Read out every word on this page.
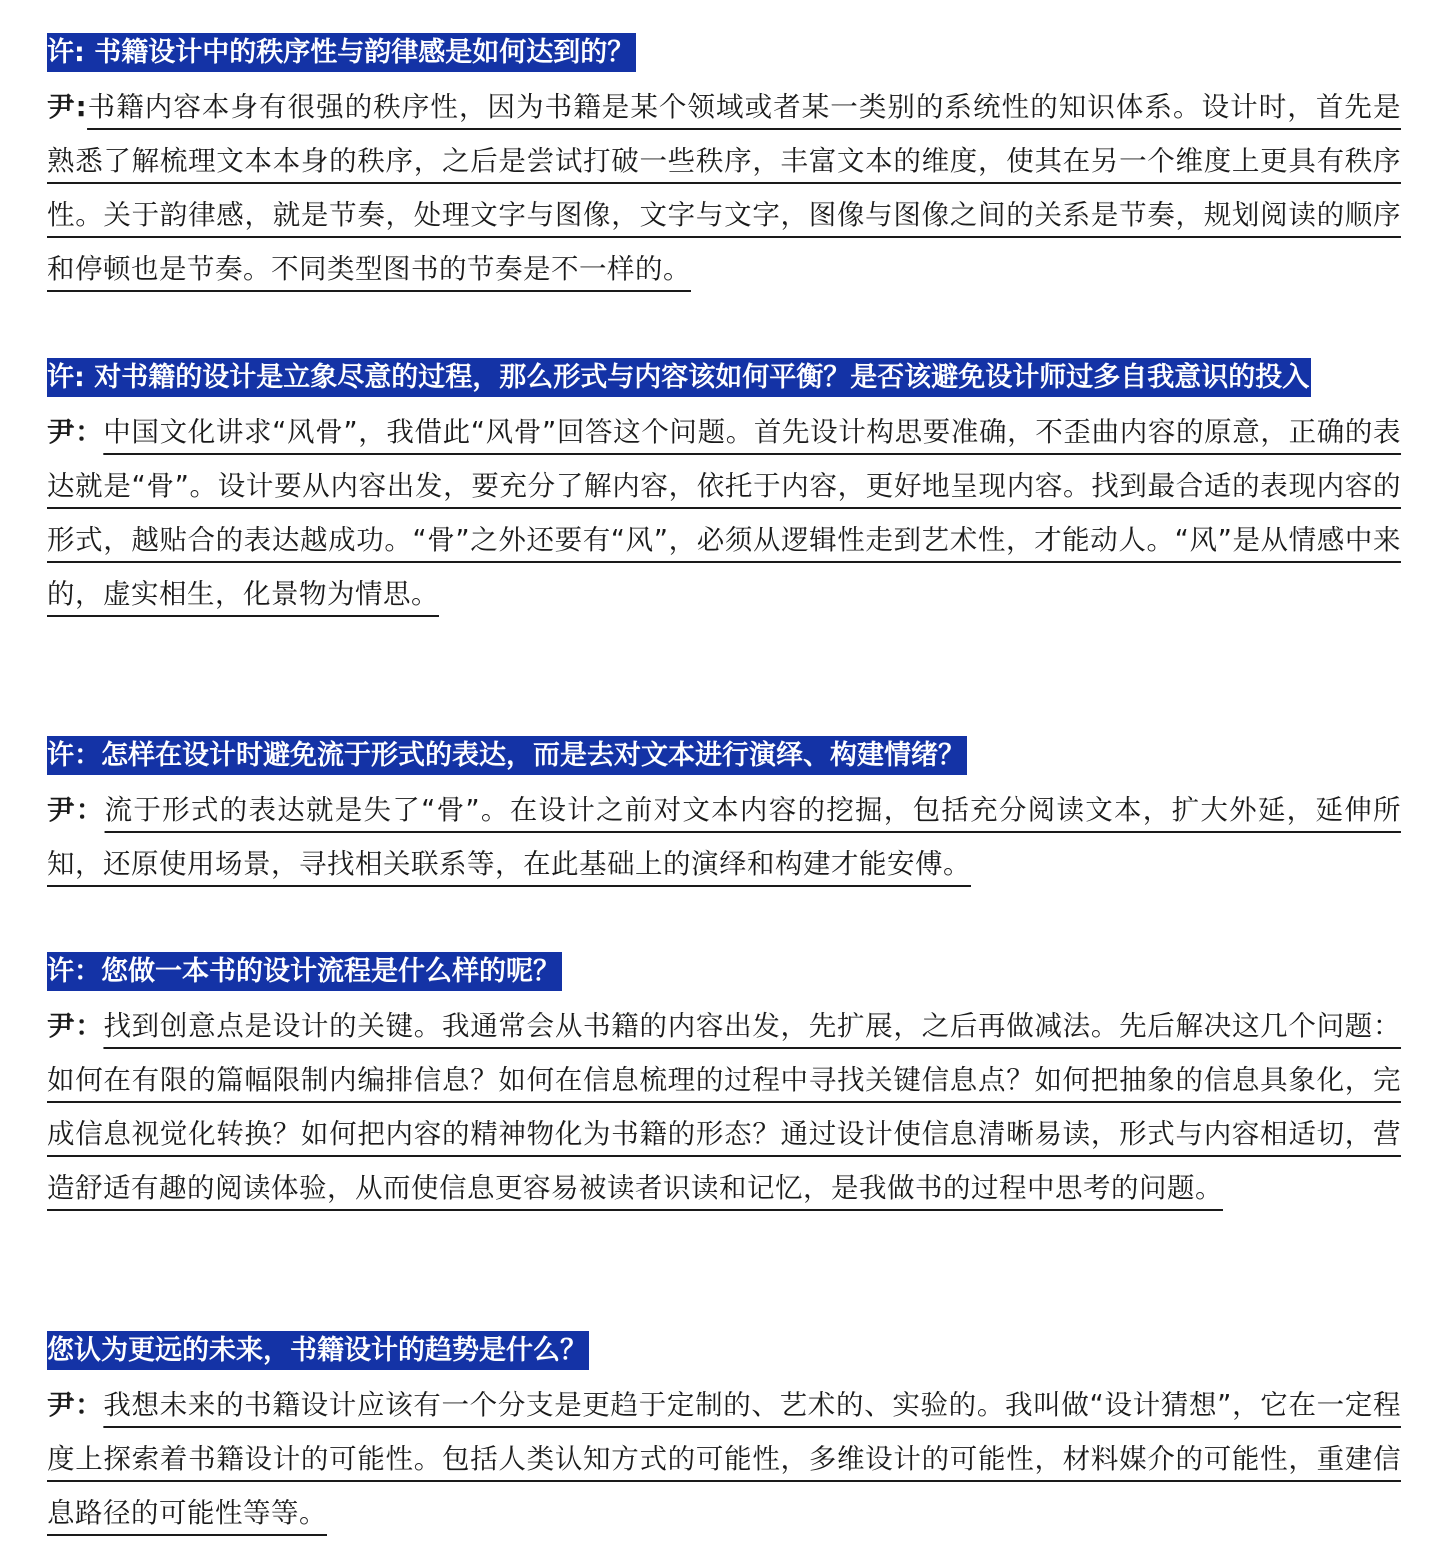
许: 书籍设计中的秩序性与韵律感是如何达到的？

尹:书籍内容本身有很强的秩序性，因为书籍是某个领域或者某一类别的系统性的知识体系。设计时，首先是熟悉了解梳理文本本身的秩序，之后是尝试打破一些秩序，丰富文本的维度，使其在另一个维度上更具有秩序性。关于韵律感，就是节奏，处理文字与图像，文字与文字，图像与图像之间的关系是节奏，规划阅读的顺序和停顿也是节奏。不同类型图书的节奏是不一样的。

许: 对书籍的设计是立象尽意的过程，那么形式与内容该如何平衡？是否该避免设计师过多自我意识的投入

尹：中国文化讲求“风骨”，我借此“风骨”回答这个问题。首先设计构思要准确，不歪曲内容的原意，正确的表达就是“骨”。设计要从内容出发，要充分了解内容，依托于内容，更好地呈现内容。找到最合适的表现内容的形式，越贴合的表达越成功。“骨”之外还要有“风”，必须从逻辑性走到艺术性，才能动人。“风”是从情感中来的，虚实相生，化景物为情思。

许：怎样在设计时避免流于形式的表达，而是去对文本进行演绎、构建情绪？

尹：流于形式的表达就是失了“骨”。在设计之前对文本内容的挖掘，包括充分阅读文本，扩大外延，延伸所知，还原使用场景，寻找相关联系等，在此基础上的演绎和构建才能安傅。

许：您做一本书的设计流程是什么样的呢？

尹：找到创意点是设计的关键。我通常会从书籍的内容出发，先扩展，之后再做减法。先后解决这几个问题：如何在有限的篇幅限制内编排信息？如何在信息梳理的过程中寻找关键信息点？如何把抽象的信息具象化，完成信息视觉化转换？如何把内容的精神物化为书籍的形态？通过设计使信息清晰易读，形式与内容相适切，营造舒适有趣的阅读体验，从而使信息更容易被读者识读和记忆，是我做书的过程中思考的问题。

您认为更远的未来，书籍设计的趋势是什么？

尹：我想未来的书籍设计应该有一个分支是更趋于定制的、艺术的、实验的。我叫做“设计猜想”，它在一定程度上探索着书籍设计的可能性。包括人类认知方式的可能性，多维设计的可能性，材料媒介的可能性，重建信息路径的可能性等等。
